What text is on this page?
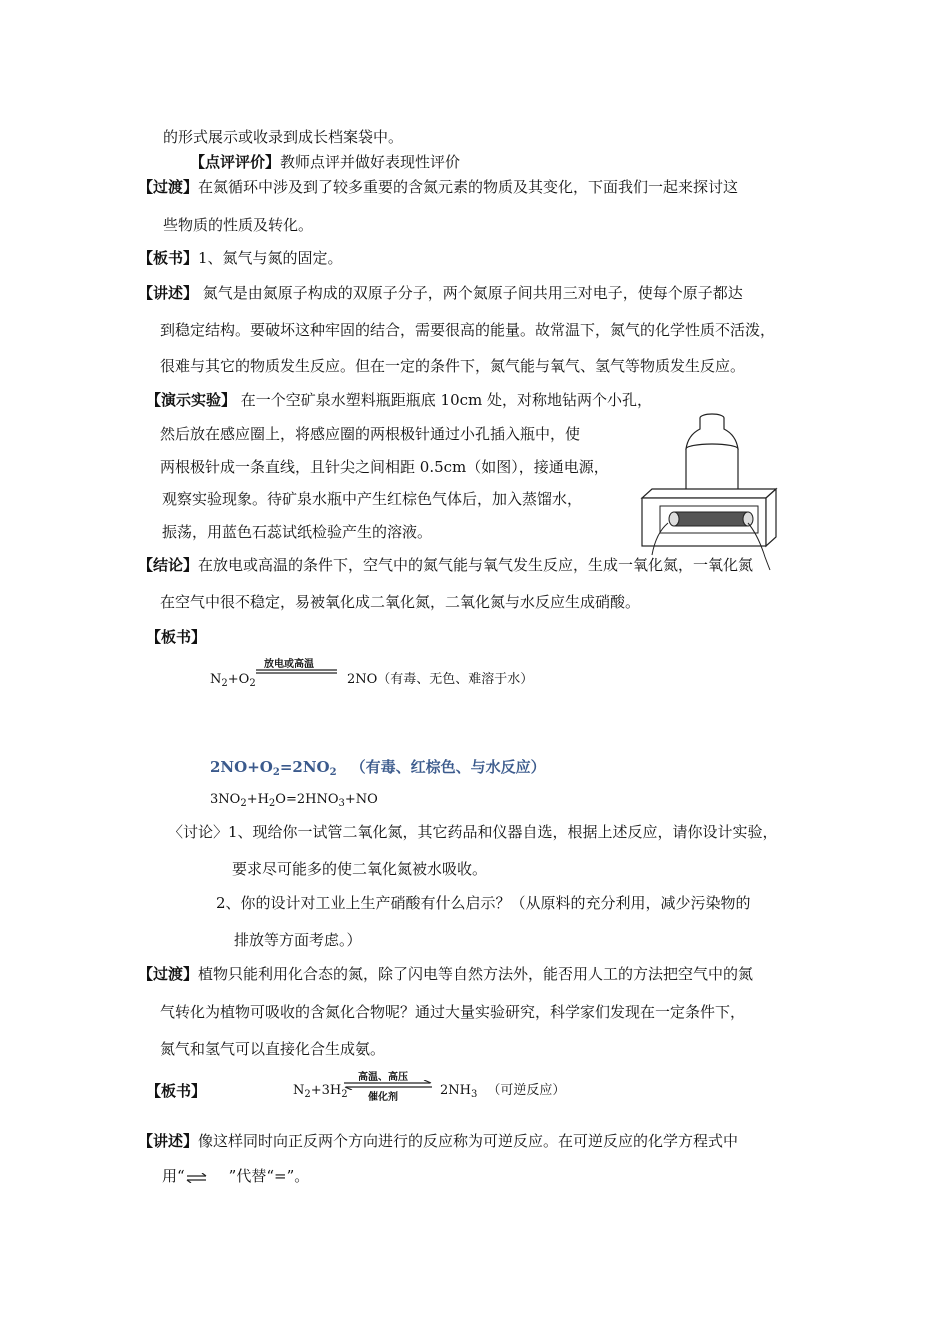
的形式展示或收录到成长档案袋中。
【点评评价】教师点评并做好表现性评价
【过渡】在氮循环中涉及到了较多重要的含氮元素的物质及其变化，下面我们一起来探讨这
些物质的性质及转化。
【板书】1、氮气与氮的固定。
【讲述】 氮气是由氮原子构成的双原子分子，两个氮原子间共用三对电子，使每个原子都达
到稳定结构。要破坏这种牢固的结合，需要很高的能量。故常温下，氮气的化学性质不活泼，
很难与其它的物质发生反应。但在一定的条件下，氮气能与氧气、氢气等物质发生反应。
【演示实验】 在一个空矿泉水塑料瓶距瓶底 10cm 处，对称地钻两个小孔，
然后放在感应圈上，将感应圈的两根极针通过小孔插入瓶中，使
两根极针成一条直线，且针尖之间相距 0.5cm（如图），接通电源，
观察实验现象。待矿泉水瓶中产生红棕色气体后，加入蒸馏水，
振荡，用蓝色石蕊试纸检验产生的溶液。
【结论】在放电或高温的条件下，空气中的氮气能与氧气发生反应，生成一氧化氮，一氧化氮
在空气中很不稳定，易被氧化成二氧化氮，二氧化氮与水反应生成硝酸。
【板书】
$N_2+O_2$
放电或高温
2NO（有毒、无色、难溶于水）
$2NO+O_2=2NO_2$ （有毒、红棕色、与水反应）
$3NO_2+H_2O=2HNO_3+NO$
〈讨论〉1、现给你一试管二氧化氮，其它药品和仪器自选，根据上述反应，请你设计实验，
要求尽可能多的使二氧化氮被水吸收。
2、你的设计对工业上生产硝酸有什么启示？（从原料的充分利用，减少污染物的
排放等方面考虑。）
【过渡】植物只能利用化合态的氮，除了闪电等自然方法外，能否用人工的方法把空气中的氮
气转化为植物可吸收的含氮化合物呢？通过大量实验研究，科学家们发现在一定条件下，
氮气和氢气可以直接化合生成氨。
【板书】	$N_2+3H_2$
高温、高压
催化剂	$2NH_3$ （可逆反应）
【讲述】像这样同时向正反两个方向进行的反应称为可逆反应。在可逆反应的化学方程式中
用“	”代替“=”。
